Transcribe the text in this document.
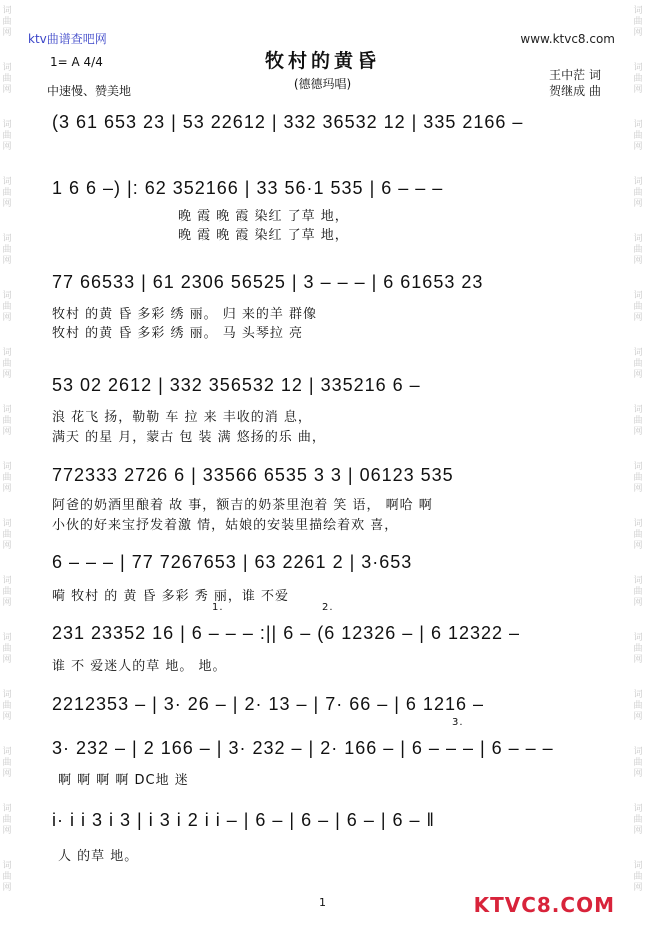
词曲网
词曲网
词曲网
词曲网
词曲网
词曲网
词曲网
词曲网
词曲网
词曲网
词曲网
词曲网
词曲网
词曲网
词曲网
词曲网
词曲网
词曲网
词曲网
词曲网
词曲网
词曲网
词曲网
词曲网
词曲网
词曲网
词曲网
词曲网
词曲网
词曲网
词曲网
词曲网
ktv曲谱查吧网	www.ktvc8.com
牧村的黄昏
(德德玛唱)
1= A 4/4
中速慢、赞美地
王中茫 词
贺继成 曲
(3 61 653 23 | 53 22612 | 332 36532 12 | 335 2166 –
1 6 6 –) |: 62 352166 | 33 56·1 535 | 6 – – –
晚 霞 晚 霞 染红 了草 地，
晚 霞 晚 霞 染红 了草 地，
77 66533 | 61 2306 56525 | 3 – – – | 6 61653 23
牧村 的黄 昏 多彩 绣 丽。 归 来的羊 群像
牧村 的黄 昏 多彩 绣 丽。 马 头琴拉 亮
53 02 2612 | 332 356532 12 | 335216 6 –
浪 花飞 扬，勒勒 车 拉 来 丰收的消 息，
满天 的星 月，蒙古 包 装 满 悠扬的乐 曲，
772333 2726 6 | 33566 6535 3 3 | 06123 535
阿爸的奶酒里酿着 故 事，额吉的奶茶里泡着 笑 语， 啊哈 啊
小伙的好来宝抒发着激 情，姑娘的安装里描绘着欢 喜，
6 – – – | 77 7267653 | 63 2261 2 | 3·653
嗬 牧村 的 黄 昏 多彩 秀 丽，谁 不爱
1.	2.
231 23352 16 | 6 – – – :|| 6 – (6 12326 – | 6 12322 –
谁 不 爱迷人的草 地。 地。
2212353 – | 3· 26 – | 2· 13 – | 7· 66 – | 6 1216 –
3.
3· 232 – | 2 166 – | 3· 232 – | 2· 166 – | 6 – – – | 6 – – –
啊 啊 啊 啊 DC地 迷
i· i i 3 i 3 | i 3 i 2 i i – | 6 – | 6 – | 6 – | 6 – ‖
人 的草 地。
1	KTVC8.COM
